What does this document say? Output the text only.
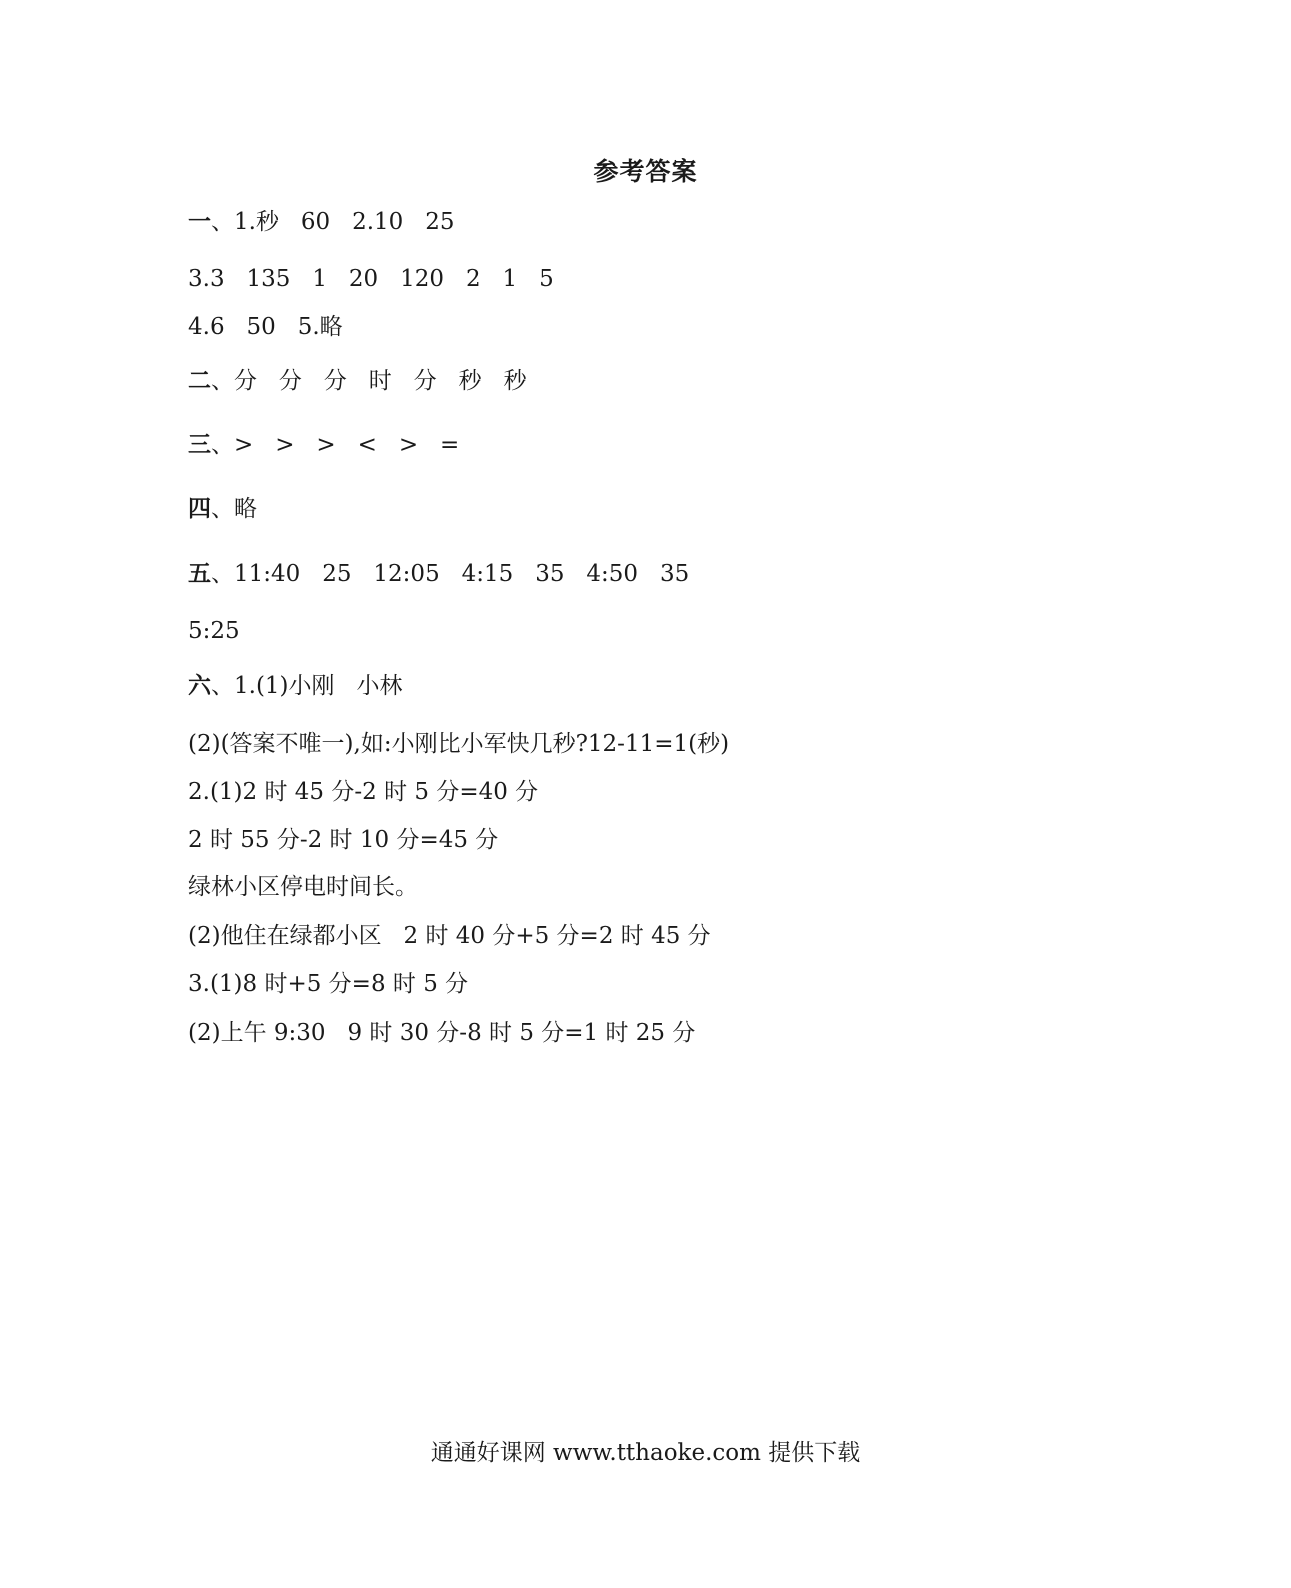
参考答案
一、1.秒   60   2.10   25
3.3   135   1   20   120   2   1   5
4.6   50   5.略
二、分   分   分   时   分   秒   秒
三、>   >   >   <   >   =
四、略
五、11:40   25   12:05   4:15   35   4:50   35
5:25
六、1.(1)小刚   小林
(2)(答案不唯一),如:小刚比小军快几秒?12-11=1(秒)
2.(1)2 时 45 分-2 时 5 分=40 分
2 时 55 分-2 时 10 分=45 分
绿林小区停电时间长。
(2)他住在绿都小区   2 时 40 分+5 分=2 时 45 分
3.(1)8 时+5 分=8 时 5 分
(2)上午 9:30   9 时 30 分-8 时 5 分=1 时 25 分
通通好课网 www.tthaoke.com 提供下载
